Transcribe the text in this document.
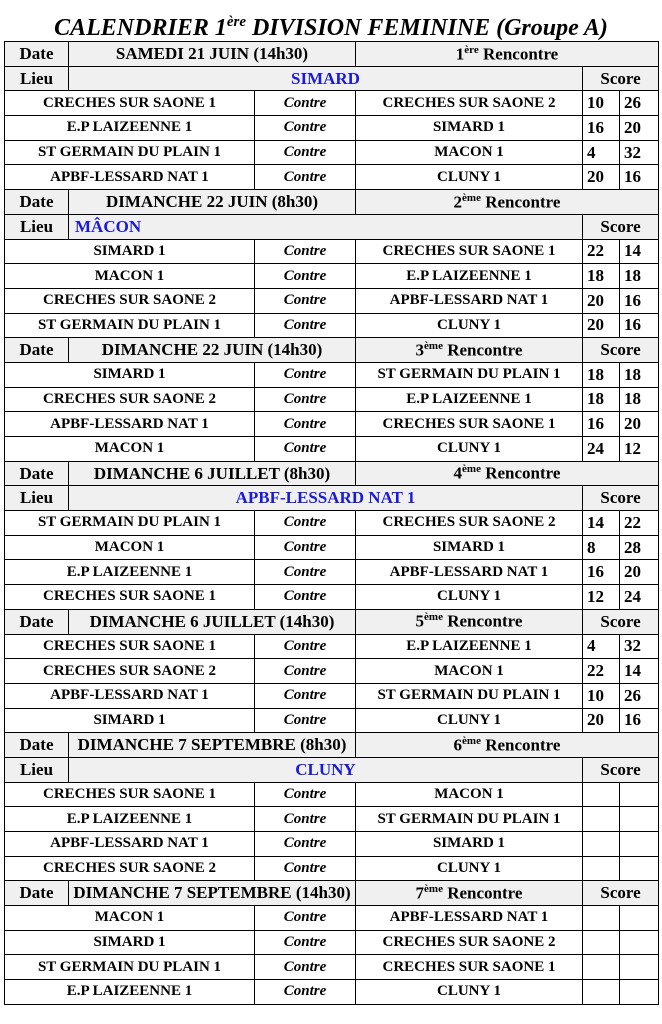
CALENDRIER 1ère DIVISION FEMININE (Groupe A)
Date	SAMEDI 21 JUIN (14h30)		1ère Rencontre		
Lieu	SIMARD			Score	
CRECHES SUR SAONE 1		Contre	CRECHES SUR SAONE 2	10	26
E.P LAIZEENNE 1		Contre	SIMARD 1	16	20
ST GERMAIN DU PLAIN 1		Contre	MACON 1	4	32
APBF-LESSARD NAT 1		Contre	CLUNY 1	20	16
Date	DIMANCHE 22 JUIN (8h30)		2ème Rencontre		
Lieu	MÂCON			Score	
SIMARD 1		Contre	CRECHES SUR SAONE 1	22	14
MACON 1		Contre	E.P LAIZEENNE 1	18	18
CRECHES SUR SAONE 2		Contre	APBF-LESSARD NAT 1	20	16
ST GERMAIN DU PLAIN 1		Contre	CLUNY 1	20	16
Date	DIMANCHE 22 JUIN (14h30)		3ème Rencontre	Score	
SIMARD 1		Contre	ST GERMAIN DU PLAIN 1	18	18
CRECHES SUR SAONE 2		Contre	E.P LAIZEENNE 1	18	18
APBF-LESSARD NAT 1		Contre	CRECHES SUR SAONE 1	16	20
MACON 1		Contre	CLUNY 1	24	12
Date	DIMANCHE 6 JUILLET (8h30)		4ème Rencontre		
Lieu	APBF-LESSARD NAT 1			Score	
ST GERMAIN DU PLAIN 1		Contre	CRECHES SUR SAONE 2	14	22
MACON 1		Contre	SIMARD 1	8	28
E.P LAIZEENNE 1		Contre	APBF-LESSARD NAT 1	16	20
CRECHES SUR SAONE 1		Contre	CLUNY 1	12	24
Date	DIMANCHE 6 JUILLET (14h30)		5ème Rencontre	Score	
CRECHES SUR SAONE 1		Contre	E.P LAIZEENNE 1	4	32
CRECHES SUR SAONE 2		Contre	MACON 1	22	14
APBF-LESSARD NAT 1		Contre	ST GERMAIN DU PLAIN 1	10	26
SIMARD 1		Contre	CLUNY 1	20	16
Date	DIMANCHE 7 SEPTEMBRE (8h30)		6ème Rencontre		
Lieu	CLUNY			Score	
CRECHES SUR SAONE 1		Contre	MACON 1		
E.P LAIZEENNE 1		Contre	ST GERMAIN DU PLAIN 1		
APBF-LESSARD NAT 1		Contre	SIMARD 1		
CRECHES SUR SAONE 2		Contre	CLUNY 1		
Date	DIMANCHE 7 SEPTEMBRE (14h30)		7ème Rencontre	Score	
MACON 1		Contre	APBF-LESSARD NAT 1		
SIMARD 1		Contre	CRECHES SUR SAONE 2		
ST GERMAIN DU PLAIN 1		Contre	CRECHES SUR SAONE 1		
E.P LAIZEENNE 1		Contre	CLUNY 1		
